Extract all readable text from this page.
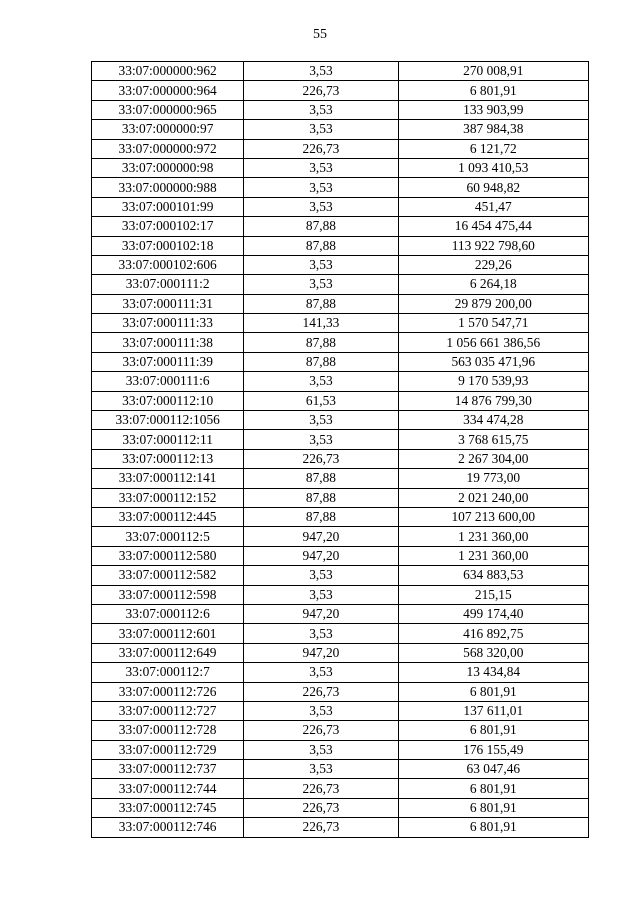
55
33:07:000000:962	3,53	270 008,91
33:07:000000:964	226,73	6 801,91
33:07:000000:965	3,53	133 903,99
33:07:000000:97	3,53	387 984,38
33:07:000000:972	226,73	6 121,72
33:07:000000:98	3,53	1 093 410,53
33:07:000000:988	3,53	60 948,82
33:07:000101:99	3,53	451,47
33:07:000102:17	87,88	16 454 475,44
33:07:000102:18	87,88	113 922 798,60
33:07:000102:606	3,53	229,26
33:07:000111:2	3,53	6 264,18
33:07:000111:31	87,88	29 879 200,00
33:07:000111:33	141,33	1 570 547,71
33:07:000111:38	87,88	1 056 661 386,56
33:07:000111:39	87,88	563 035 471,96
33:07:000111:6	3,53	9 170 539,93
33:07:000112:10	61,53	14 876 799,30
33:07:000112:1056	3,53	334 474,28
33:07:000112:11	3,53	3 768 615,75
33:07:000112:13	226,73	2 267 304,00
33:07:000112:141	87,88	19 773,00
33:07:000112:152	87,88	2 021 240,00
33:07:000112:445	87,88	107 213 600,00
33:07:000112:5	947,20	1 231 360,00
33:07:000112:580	947,20	1 231 360,00
33:07:000112:582	3,53	634 883,53
33:07:000112:598	3,53	215,15
33:07:000112:6	947,20	499 174,40
33:07:000112:601	3,53	416 892,75
33:07:000112:649	947,20	568 320,00
33:07:000112:7	3,53	13 434,84
33:07:000112:726	226,73	6 801,91
33:07:000112:727	3,53	137 611,01
33:07:000112:728	226,73	6 801,91
33:07:000112:729	3,53	176 155,49
33:07:000112:737	3,53	63 047,46
33:07:000112:744	226,73	6 801,91
33:07:000112:745	226,73	6 801,91
33:07:000112:746	226,73	6 801,91
